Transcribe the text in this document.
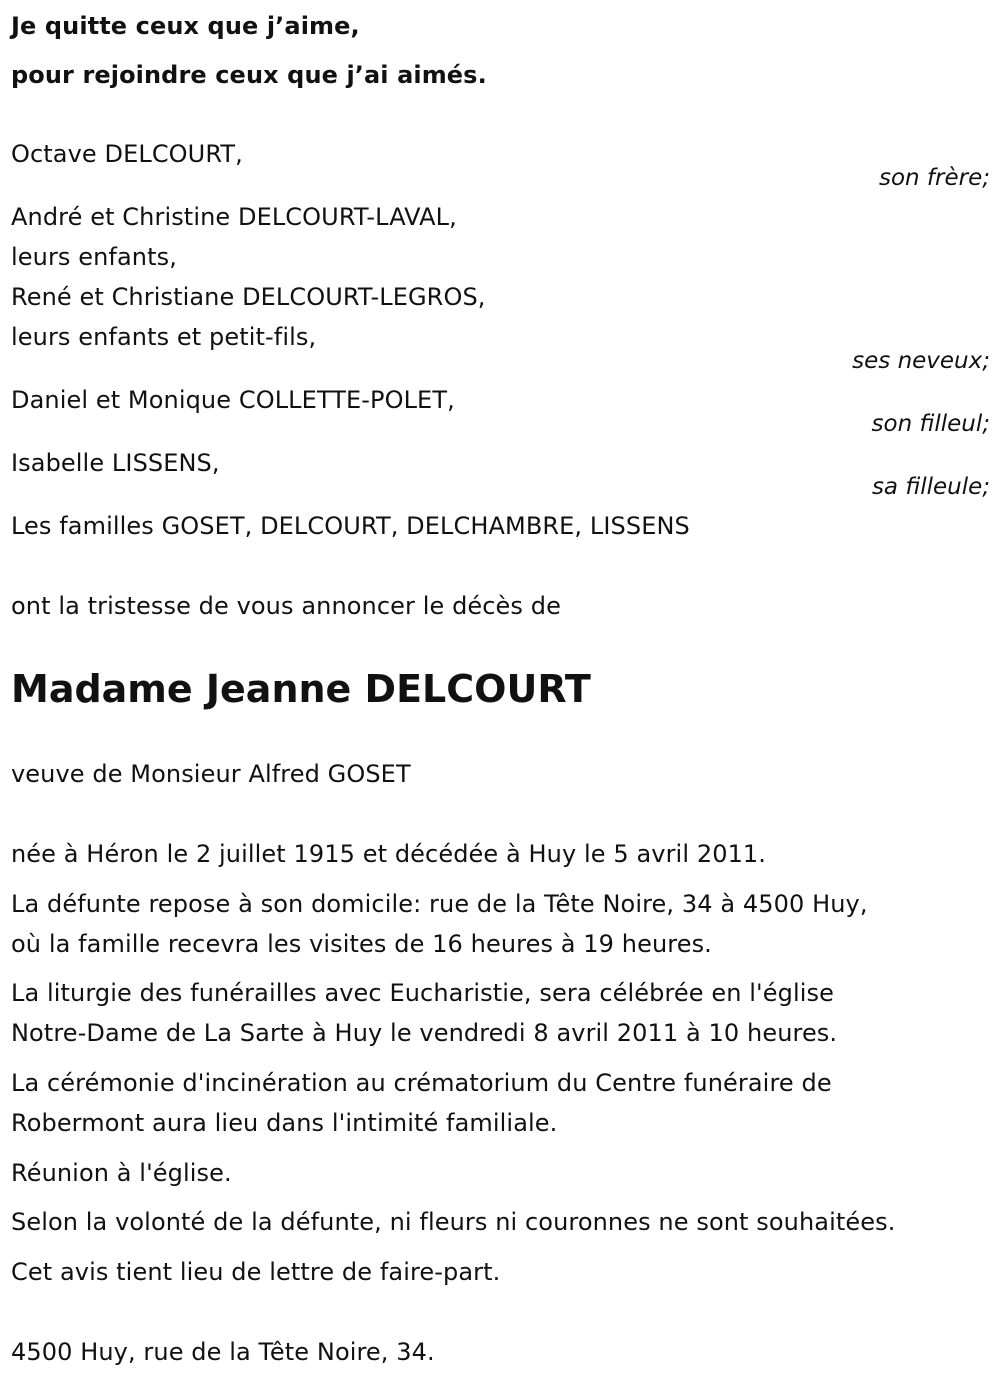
Je quitte ceux que j’aime,
pour rejoindre ceux que j’ai aimés.
Octave DELCOURT,
son frère;
André et Christine DELCOURT-LAVAL,
leurs enfants,
René et Christiane DELCOURT-LEGROS,
leurs enfants et petit-fils,
ses neveux;
Daniel et Monique COLLETTE-POLET,
son filleul;
Isabelle LISSENS,
sa filleule;
Les familles GOSET, DELCOURT, DELCHAMBRE, LISSENS
ont la tristesse de vous annoncer le décès de
Madame Jeanne DELCOURT
veuve de Monsieur Alfred GOSET
née à Héron le 2 juillet 1915 et décédée à Huy le 5 avril 2011.
La défunte repose à son domicile: rue de la Tête Noire, 34 à 4500 Huy,
où la famille recevra les visites de 16 heures à 19 heures.
La liturgie des funérailles avec Eucharistie, sera célébrée en l'église
Notre-Dame de La Sarte à Huy le vendredi 8 avril 2011 à 10 heures.
La cérémonie d'incinération au crématorium du Centre funéraire de
Robermont aura lieu dans l'intimité familiale.
Réunion à l'église.
Selon la volonté de la défunte, ni fleurs ni couronnes ne sont souhaitées.
Cet avis tient lieu de lettre de faire-part.
4500 Huy, rue de la Tête Noire, 34.
